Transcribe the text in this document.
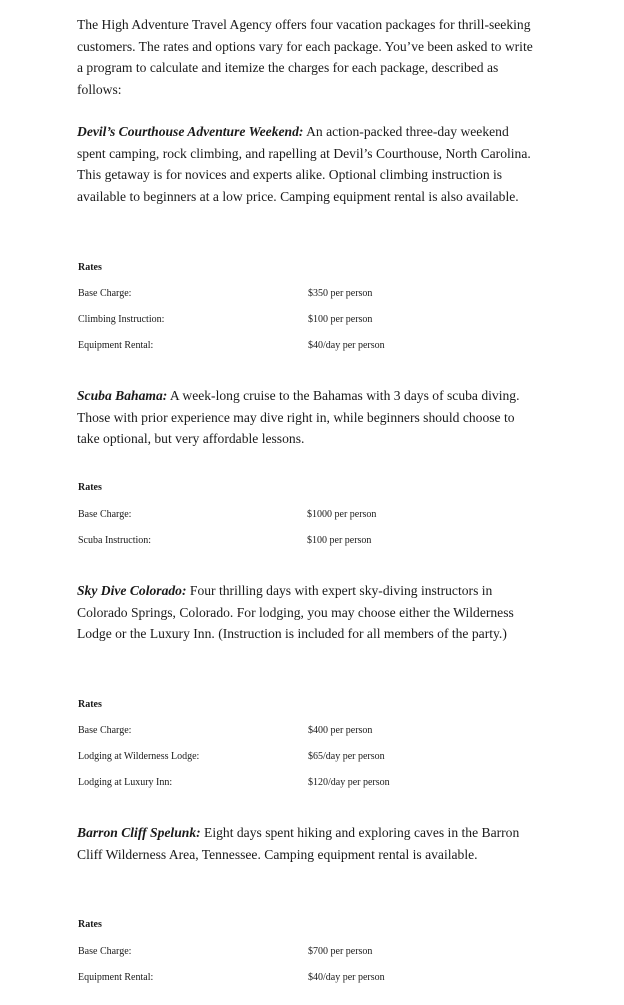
The High Adventure Travel Agency offers four vacation packages for thrill-seeking customers. The rates and options vary for each package. You’ve been asked to write a program to calculate and itemize the charges for each package, described as follows:

Devil’s Courthouse Adventure Weekend: An action-packed three-day weekend spent camping, rock climbing, and rapelling at Devil’s Courthouse, North Carolina. This getaway is for novices and experts alike. Optional climbing instruction is available to beginners at a low price. Camping equipment rental is also available.

Rates

Base Charge:	$350 per person
Climbing Instruction:	$100 per person
Equipment Rental:	$40/day per person

Scuba Bahama: A week-long cruise to the Bahamas with 3 days of scuba diving. Those with prior experience may dive right in, while beginners should choose to take optional, but very affordable lessons.

Rates

Base Charge:	$1000 per person
Scuba Instruction:	$100 per person

Sky Dive Colorado: Four thrilling days with expert sky-diving instructors in Colorado Springs, Colorado. For lodging, you may choose either the Wilderness Lodge or the Luxury Inn. (Instruction is included for all members of the party.)

Rates

Base Charge:	$400 per person
Lodging at Wilderness Lodge:	$65/day per person
Lodging at Luxury Inn:	$120/day per person

Barron Cliff Spelunk: Eight days spent hiking and exploring caves in the Barron Cliff Wilderness Area, Tennessee. Camping equipment rental is available.

Rates

Base Charge:	$700 per person
Equipment Rental:	$40/day per person
